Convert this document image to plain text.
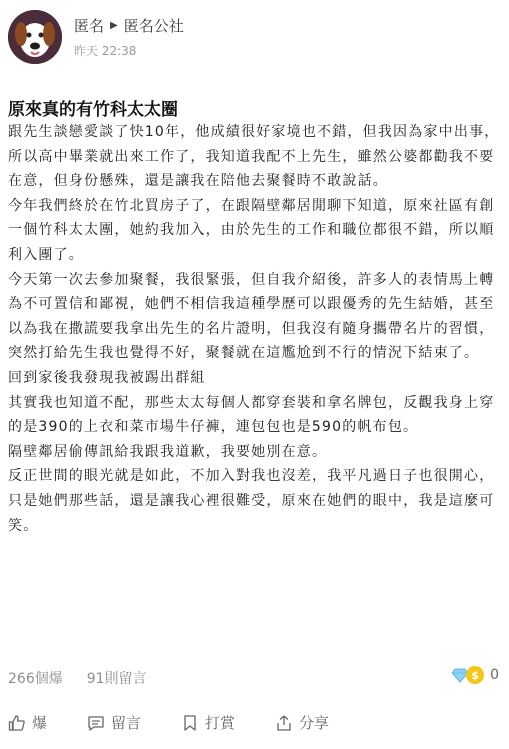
匿名 ▶ 匿名公社
昨天 22:38
原來真的有竹科太太圈

跟先生談戀愛談了快10年，他成績很好家境也不錯，但我因為家中出事，所以高中畢業就出來工作了，我知道我配不上先生，雖然公婆都勸我不要在意，但身份懸殊，還是讓我在陪他去聚餐時不敢說話。

今年我們終於在竹北買房子了，在跟隔壁鄰居閒聊下知道，原來社區有創一個竹科太太團，她約我加入，由於先生的工作和職位都很不錯，所以順利入團了。

今天第一次去參加聚餐，我很緊張，但自我介紹後，許多人的表情馬上轉為不可置信和鄙視，她們不相信我這種學歷可以跟優秀的先生結婚，甚至以為我在撒謊要我拿出先生的名片證明，但我沒有隨身攜帶名片的習慣，突然打給先生我也覺得不好，聚餐就在這尷尬到不行的情況下結束了。

回到家後我發現我被踢出群組

其實我也知道不配，那些太太每個人都穿套裝和拿名牌包，反觀我身上穿的是390的上衣和菜市場牛仔褲，連包包也是590的帆布包。

隔壁鄰居偷傳訊給我跟我道歉，我要她別在意。

反正世間的眼光就是如此，不加入對我也沒差，我平凡過日子也很開心，只是她們那些話，還是讓我心裡很難受，原來在她們的眼中，我是這麼可笑。

266個爆 91則留言	$ 0
爆	留言	打賞	分享
